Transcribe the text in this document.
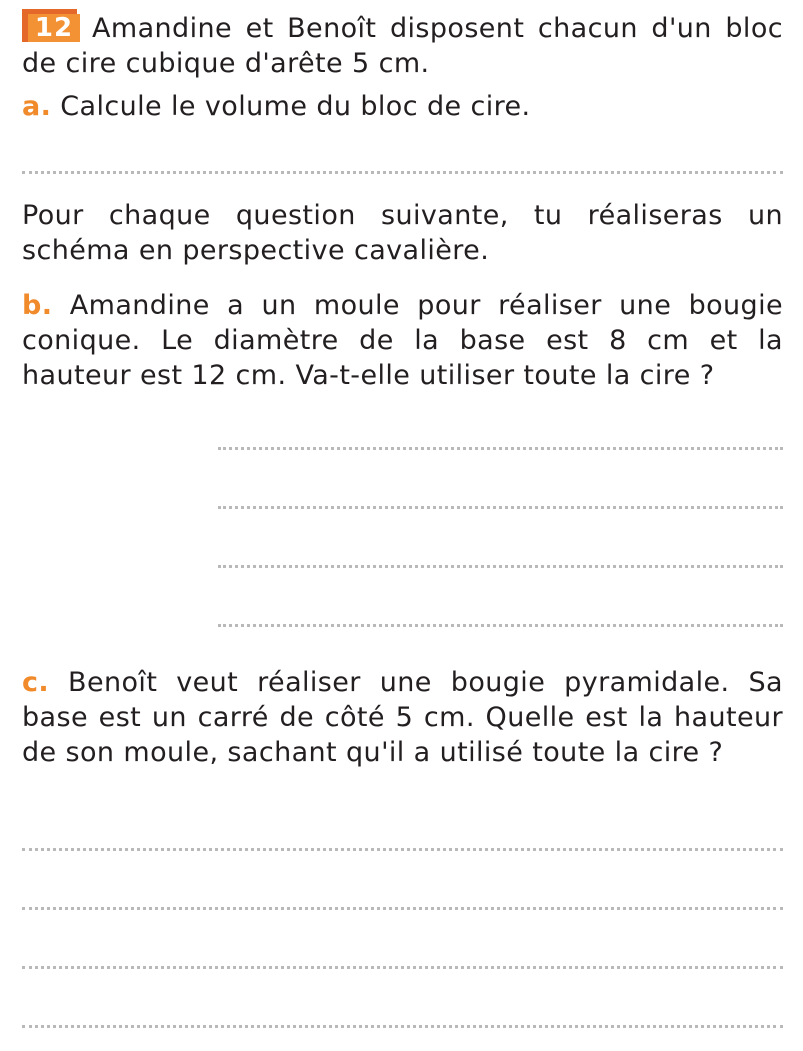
12 Amandine et Benoît disposent chacun d'un bloc de cire cubique d'arête 5 cm.
a. Calcule le volume du bloc de cire.
Pour chaque question suivante, tu réaliseras un schéma en perspective cavalière.
b. Amandine a un moule pour réaliser une bougie conique. Le diamètre de la base est 8 cm et la hauteur est 12 cm. Va-t-elle utiliser toute la cire ?
c. Benoît veut réaliser une bougie pyramidale. Sa base est un carré de côté 5 cm. Quelle est la hauteur de son moule, sachant qu'il a utilisé toute la cire ?
